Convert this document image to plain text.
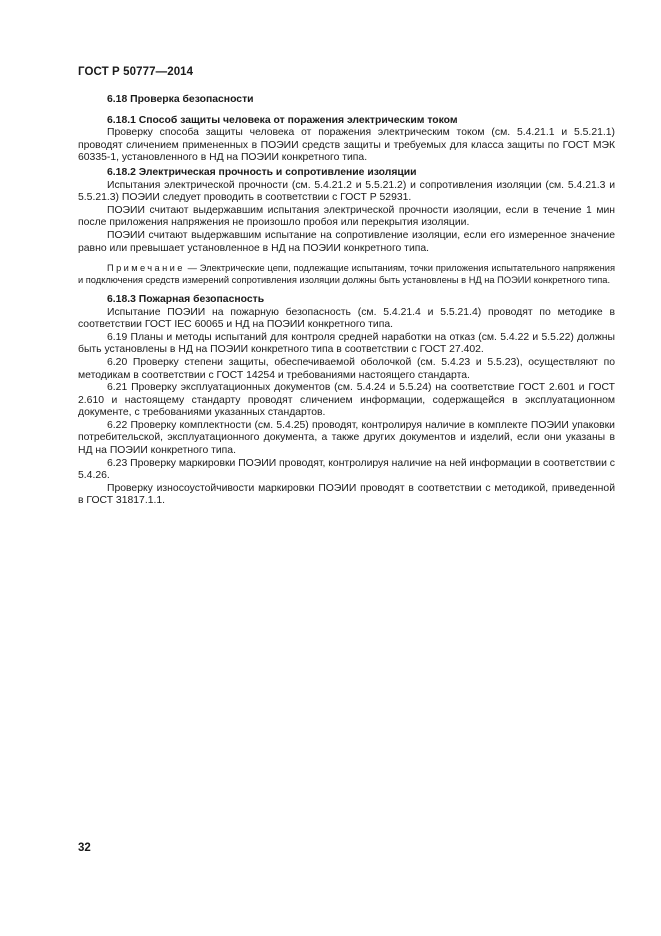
ГОСТ Р 50777—2014
6.18 Проверка безопасности
6.18.1 Способ защиты человека от поражения электрическим током
Проверку способа защиты человека от поражения электрическим током (см. 5.4.21.1 и 5.5.21.1) проводят сличением примененных в ПОЭИИ средств защиты и требуемых для класса защиты по ГОСТ МЭК 60335-1, установленного в НД на ПОЭИИ конкретного типа.
6.18.2 Электрическая прочность и сопротивление изоляции
Испытания электрической прочности (см. 5.4.21.2 и 5.5.21.2) и сопротивления изоляции (см. 5.4.21.3 и 5.5.21.3) ПОЭИИ следует проводить в соответствии с ГОСТ Р 52931.
ПОЭИИ считают выдержавшим испытания электрической прочности изоляции, если в течение 1 мин после приложения напряжения не произошло пробоя или перекрытия изоляции.
ПОЭИИ считают выдержавшим испытание на сопротивление изоляции, если его измеренное значение равно или превышает установленное в НД на ПОЭИИ конкретного типа.
Примечание — Электрические цепи, подлежащие испытаниям, точки приложения испытательного напряжения и подключения средств измерений сопротивления изоляции должны быть установлены в НД на ПОЭИИ конкретного типа.
6.18.3 Пожарная безопасность
Испытание ПОЭИИ на пожарную безопасность (см. 5.4.21.4 и 5.5.21.4) проводят по методике в соответствии ГОСТ IEC 60065 и НД на ПОЭИИ конкретного типа.
6.19 Планы и методы испытаний для контроля средней наработки на отказ (см. 5.4.22 и 5.5.22) должны быть установлены в НД на ПОЭИИ конкретного типа в соответствии с ГОСТ 27.402.
6.20 Проверку степени защиты, обеспечиваемой оболочкой (см. 5.4.23 и 5.5.23), осуществляют по методикам в соответствии с ГОСТ 14254 и требованиями настоящего стандарта.
6.21 Проверку эксплуатационных документов (см. 5.4.24 и 5.5.24) на соответствие ГОСТ 2.601 и ГОСТ 2.610 и настоящему стандарту проводят сличением информации, содержащейся в эксплуатационном документе, с требованиями указанных стандартов.
6.22 Проверку комплектности (см. 5.4.25) проводят, контролируя наличие в комплекте ПОЭИИ упаковки потребительской, эксплуатационного документа, а также других документов и изделий, если они указаны в НД на ПОЭИИ конкретного типа.
6.23 Проверку маркировки ПОЭИИ проводят, контролируя наличие на ней информации в соответствии с 5.4.26.
Проверку износоустойчивости маркировки ПОЭИИ проводят в соответствии с методикой, приведенной в ГОСТ 31817.1.1.
32
